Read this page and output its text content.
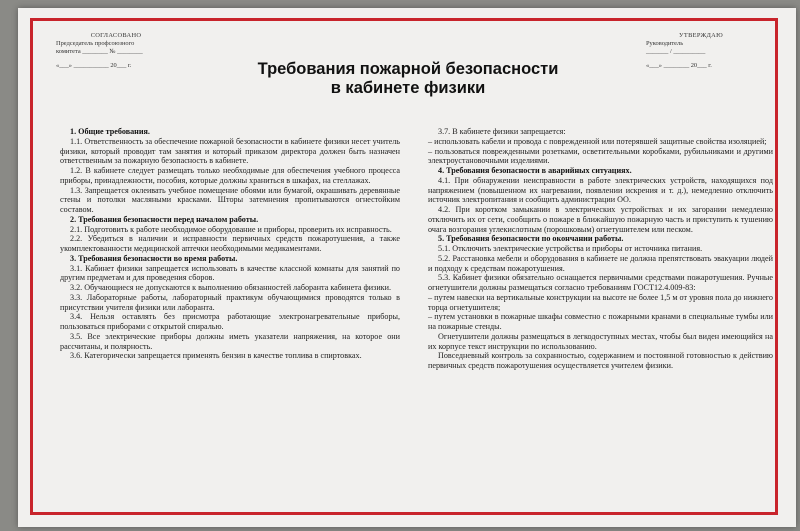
СОГЛАСОВАНО
Председатель профсоюзного
комитета ________ № ________
«___» ___________ 20___ г.
УТВЕРЖДАЮ
Руководитель
_______ / __________
«___» ________ 20___ г.
Требования пожарной безопасности
в кабинете физики

1. Общие требования.

1.1. Ответственность за обеспечение пожарной безопасности в кабинете физики несет учитель физики, который проводит там занятия и который приказом директора должен быть назначен ответственным за пожарную безопасность в кабинете.

1.2. В кабинете следует размещать только необходимые для обеспечения учебного процесса приборы, принадлежности, пособия, которые должны храниться в шкафах, на стеллажах.

1.3. Запрещается оклеивать учебное помещение обоями или бумагой, окрашивать деревянные стены и потолки масляными красками. Шторы затемнения пропитываются огнестойким составом.

2. Требования безопасности перед началом работы.

2.1. Подготовить к работе необходимое оборудование и приборы, проверить их исправность.

2.2. Убедиться в наличии и исправности первичных средств пожаротушения, а также укомплектованности медицинской аптечки необходимыми медикаментами.

3. Требования безопасности во время работы.

3.1. Кабинет физики запрещается использовать в качестве классной комнаты для занятий по другим предметам и для проведения сборов.

3.2. Обучающиеся не допускаются к выполнению обязанностей лаборанта кабинета физики.

3.3. Лабораторные работы, лабораторный практикум обучающимися проводятся только в присутствии учителя физики или лаборанта.

3.4. Нельзя оставлять без присмотра работающие электронагревательные приборы, пользоваться приборами с открытой спиралью.

3.5. Все электрические приборы должны иметь указатели напряжения, на которое они рассчитаны, и полярность.

3.6. Категорически запрещается применять бензин в качестве топлива в спиртовках.

3.7. В кабинете физики запрещается:

– использовать кабели и провода с поврежденной или потерявшей защитные свойства изоляцией;

– пользоваться поврежденными розетками, осветительными коробками, рубильниками и другими электроустановочными изделиями.

4. Требования безопасности в аварийных ситуациях.

4.1. При обнаружении неисправности в работе электрических устройств, находящихся под напряжением (повышенном их нагревании, появлении искрения и т. д.), немедленно отключить источник электропитания и сообщить администрации ОО.

4.2. При коротком замыкании в электрических устройствах и их загорании немедленно отключить их от сети, сообщить о пожаре в ближайшую пожарную часть и приступить к тушению очага возгорания углекислотным (порошковым) огнетушителем или песком.

5. Требования безопасности по окончании работы.

5.1. Отключить электрические устройства и приборы от источника питания.

5.2. Расстановка мебели и оборудования в кабинете не должна препятствовать эвакуации людей и подходу к средствам пожаротушения.

5.3. Кабинет физики обязательно оснащается первичными средствами пожаротушения. Ручные огнетушители должны размещаться согласно требованиям ГОСТ12.4.009-83:

– путем навески на вертикальные конструкции на высоте не более 1,5 м от уровня пола до нижнего торца огнетушителя;

– путем установки в пожарные шкафы совместно с пожарными кранами в специальные тумбы или на пожарные стенды.

Огнетушители должны размещаться в легкодоступных местах, чтобы был виден имеющийся на их корпусе текст инструкции по использованию.

Повседневный контроль за сохранностью, содержанием и постоянной готовностью к действию первичных средств пожаротушения осуществляется учителем физики.
